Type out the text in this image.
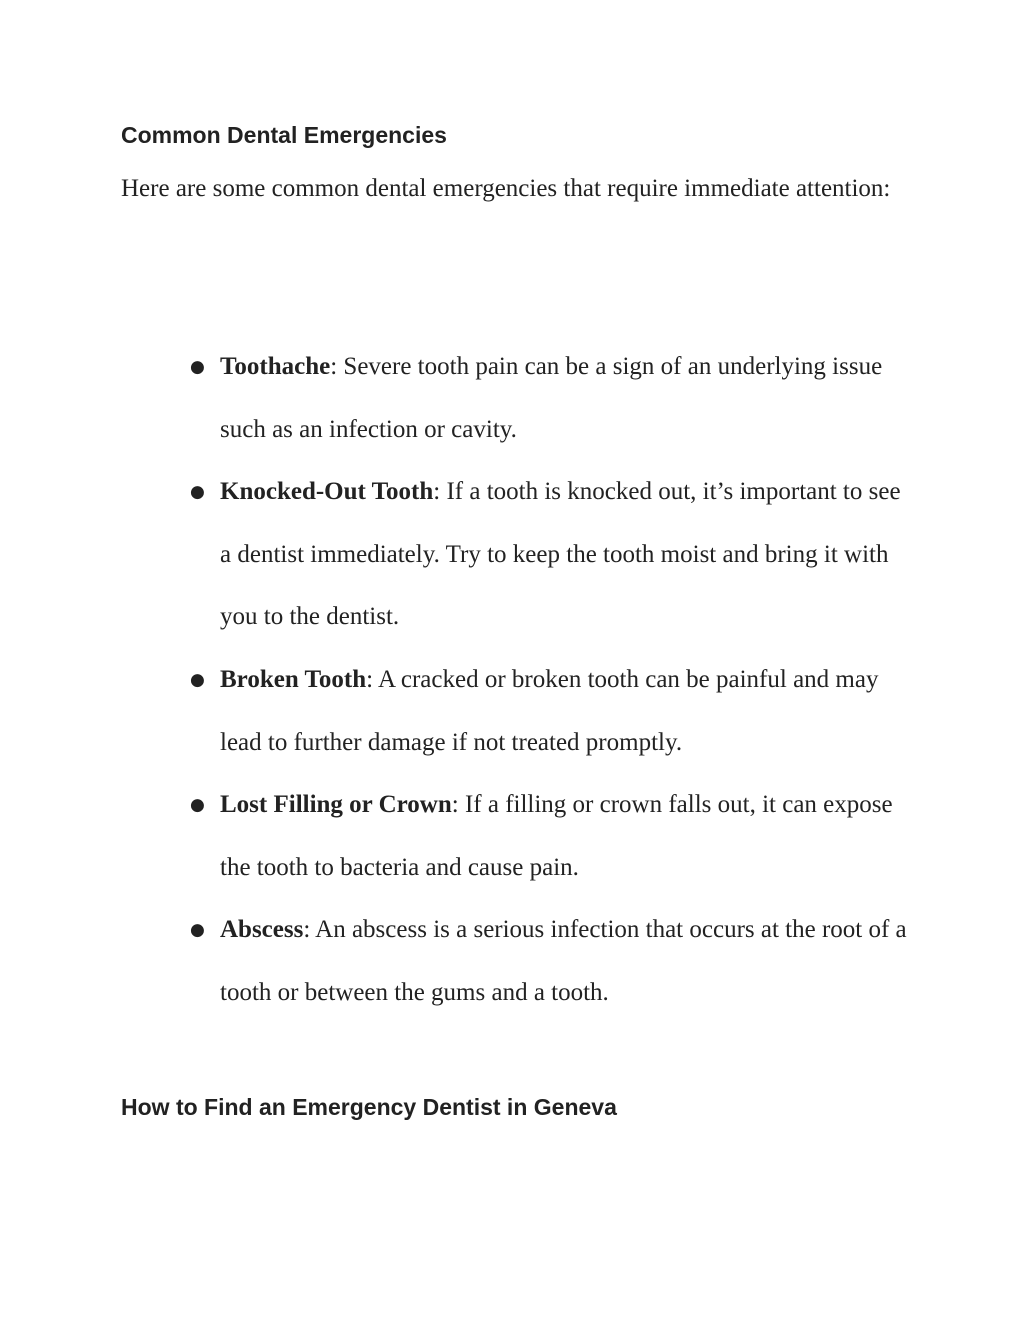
Common Dental Emergencies

Here are some common dental emergencies that require immediate attention:

● Toothache: Severe tooth pain can be a sign of an underlying issue such as an infection or cavity.
● Knocked-Out Tooth: If a tooth is knocked out, it’s important to see a dentist immediately. Try to keep the tooth moist and bring it with you to the dentist.
● Broken Tooth: A cracked or broken tooth can be painful and may lead to further damage if not treated promptly.
● Lost Filling or Crown: If a filling or crown falls out, it can expose the tooth to bacteria and cause pain.
● Abscess: An abscess is a serious infection that occurs at the root of a tooth or between the gums and a tooth.
How to Find an Emergency Dentist in Geneva
